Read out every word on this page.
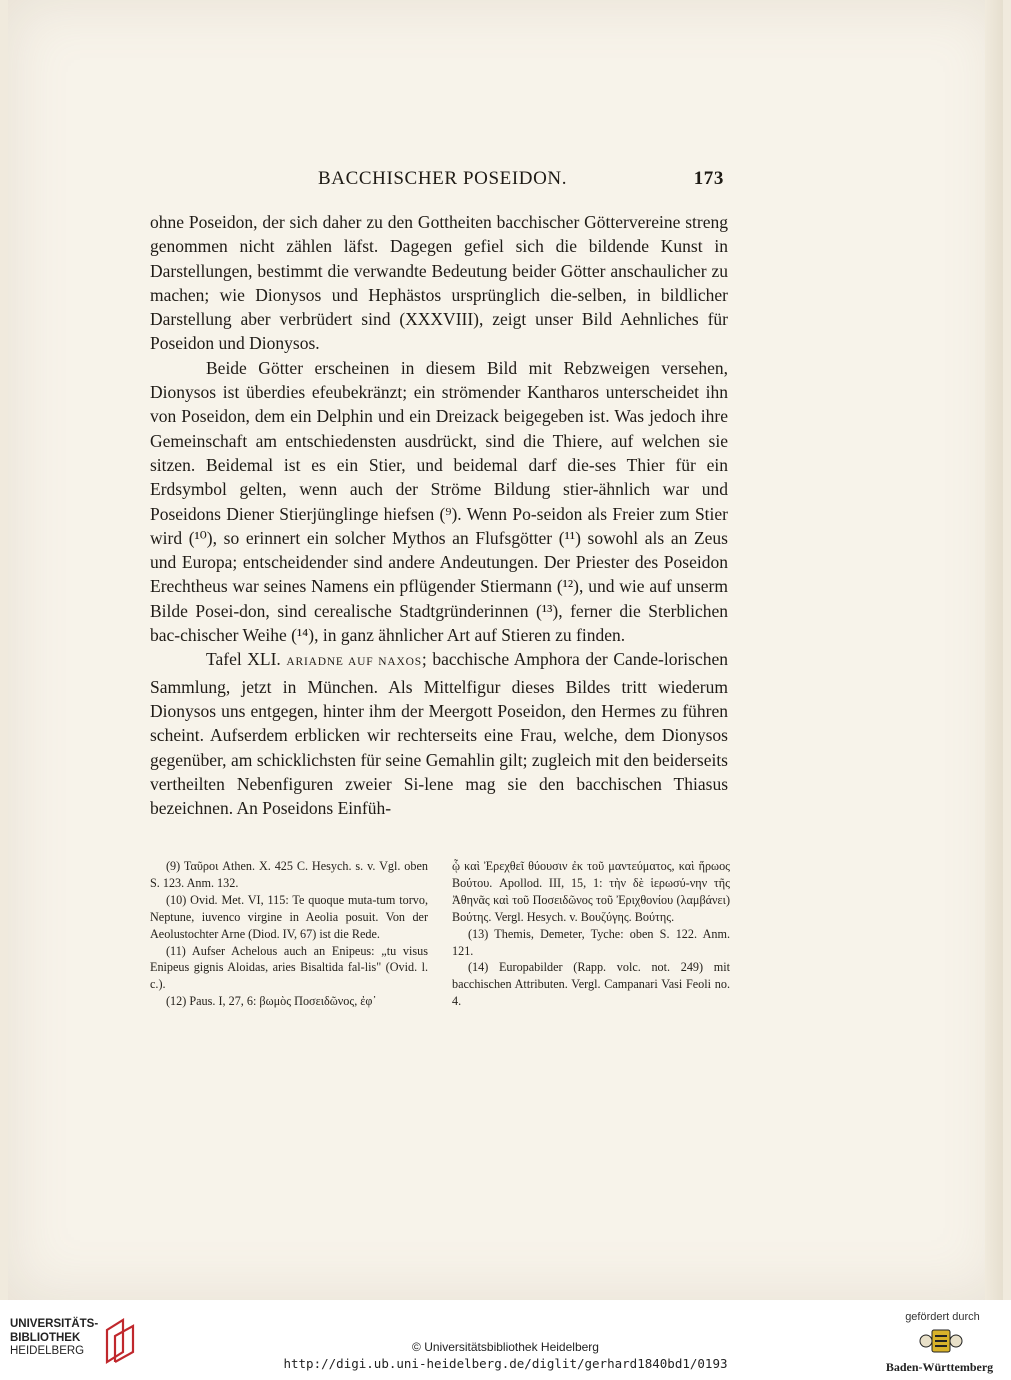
BACCHISCHER POSEIDON.	173

ohne Poseidon, der sich daher zu den Gottheiten bacchischer Göttervereine streng genommen nicht zählen läfst. Dagegen gefiel sich die bildende Kunst in Darstellungen, bestimmt die verwandte Bedeutung beider Götter anschaulicher zu machen; wie Dionysos und Hephästos ursprünglich die-selben, in bildlicher Darstellung aber verbrüdert sind (XXXVIII), zeigt unser Bild Aehnliches für Poseidon und Dionysos.

Beide Götter erscheinen in diesem Bild mit Rebzweigen versehen, Dionysos ist überdies efeubekränzt; ein strömender Kantharos unterscheidet ihn von Poseidon, dem ein Delphin und ein Dreizack beigegeben ist. Was jedoch ihre Gemeinschaft am entschiedensten ausdrückt, sind die Thiere, auf welchen sie sitzen. Beidemal ist es ein Stier, und beidemal darf die-ses Thier für ein Erdsymbol gelten, wenn auch der Ströme Bildung stier-ähnlich war und Poseidons Diener Stierjünglinge hiefsen (⁹). Wenn Po-seidon als Freier zum Stier wird (¹⁰), so erinnert ein solcher Mythos an Flufsgötter (¹¹) sowohl als an Zeus und Europa; entscheidender sind andere Andeutungen. Der Priester des Poseidon Erechtheus war seines Namens ein pflügender Stiermann (¹²), und wie auf unserm Bilde Posei-don, sind cerealische Stadtgründerinnen (¹³), ferner die Sterblichen bac-chischer Weihe (¹⁴), in ganz ähnlicher Art auf Stieren zu finden.

Tafel XLI. ARIADNE AUF NAXOS; bacchische Amphora der Cande-lorischen Sammlung, jetzt in München. Als Mittelfigur dieses Bildes tritt wiederum Dionysos uns entgegen, hinter ihm der Meergott Poseidon, den Hermes zu führen scheint. Aufserdem erblicken wir rechterseits eine Frau, welche, dem Dionysos gegenüber, am schicklichsten für seine Gemahlin gilt; zugleich mit den beiderseits vertheilten Nebenfiguren zweier Si-lene mag sie den bacchischen Thiasus bezeichnen. An Poseidons Einfüh-

(9) Ταῦροι Athen. X. 425 C. Hesych. s. v. Vgl. oben S. 123. Anm. 132.

(10) Ovid. Met. VI, 115: Te quoque muta-tum torvo, Neptune, iuvenco virgine in Aeolia posuit. Von der Aeolustochter Arne (Diod. IV, 67) ist die Rede.

(11) Aufser Achelous auch an Enipeus: „tu visus Enipeus gignis Aloidas, aries Bisaltida fal-lis" (Ovid. l. c.).

(12) Paus. I, 27, 6: βωμὸς Ποσειδῶνος, ἐφ᾽

ᾧ καὶ Ἐρεχθεῖ θύουσιν ἐκ τοῦ μαντεύματος, καὶ ἥρωος Βούτου. Apollod. III, 15, 1: τὴν δὲ ἱερωσύ-νην τῆς Ἀθηνᾶς καὶ τοῦ Ποσειδῶνος τοῦ Ἐριχθονίου (λαμβάνει) Βούτης. Vergl. Hesych. v. Βουζύγης. Βούτης.

(13) Themis, Demeter, Tyche: oben S. 122. Anm. 121.

(14) Europabilder (Rapp. volc. not. 249) mit bacchischen Attributen. Vergl. Campanari Vasi Feoli no. 4.

UNIVERSITÄTS-
BIBLIOTHEK
HEIDELBERG	© Universitätsbibliothek Heidelberg
http://digi.ub.uni-heidelberg.de/diglit/gerhard1840bd1/0193
gefördert durch
Baden-Württemberg
